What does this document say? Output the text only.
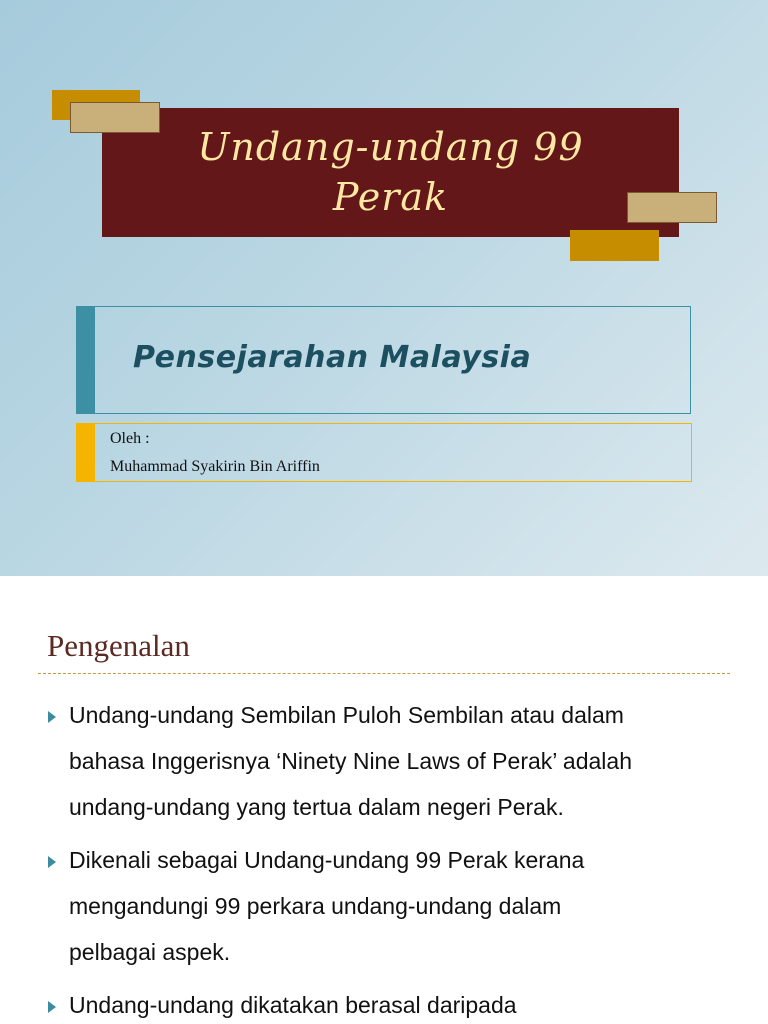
Undang-undang 99
Perak
Pensejarahan Malaysia
Oleh :
Muhammad Syakirin Bin Ariffin
Pengenalan
Undang-undang Sembilan Puloh Sembilan atau dalam
bahasa Inggerisnya ‘Ninety Nine Laws of Perak’ adalah
undang-undang yang tertua dalam negeri Perak.
Dikenali sebagai Undang-undang 99 Perak kerana
mengandungi 99 perkara undang-undang dalam
pelbagai aspek.
Undang-undang dikatakan berasal daripada
